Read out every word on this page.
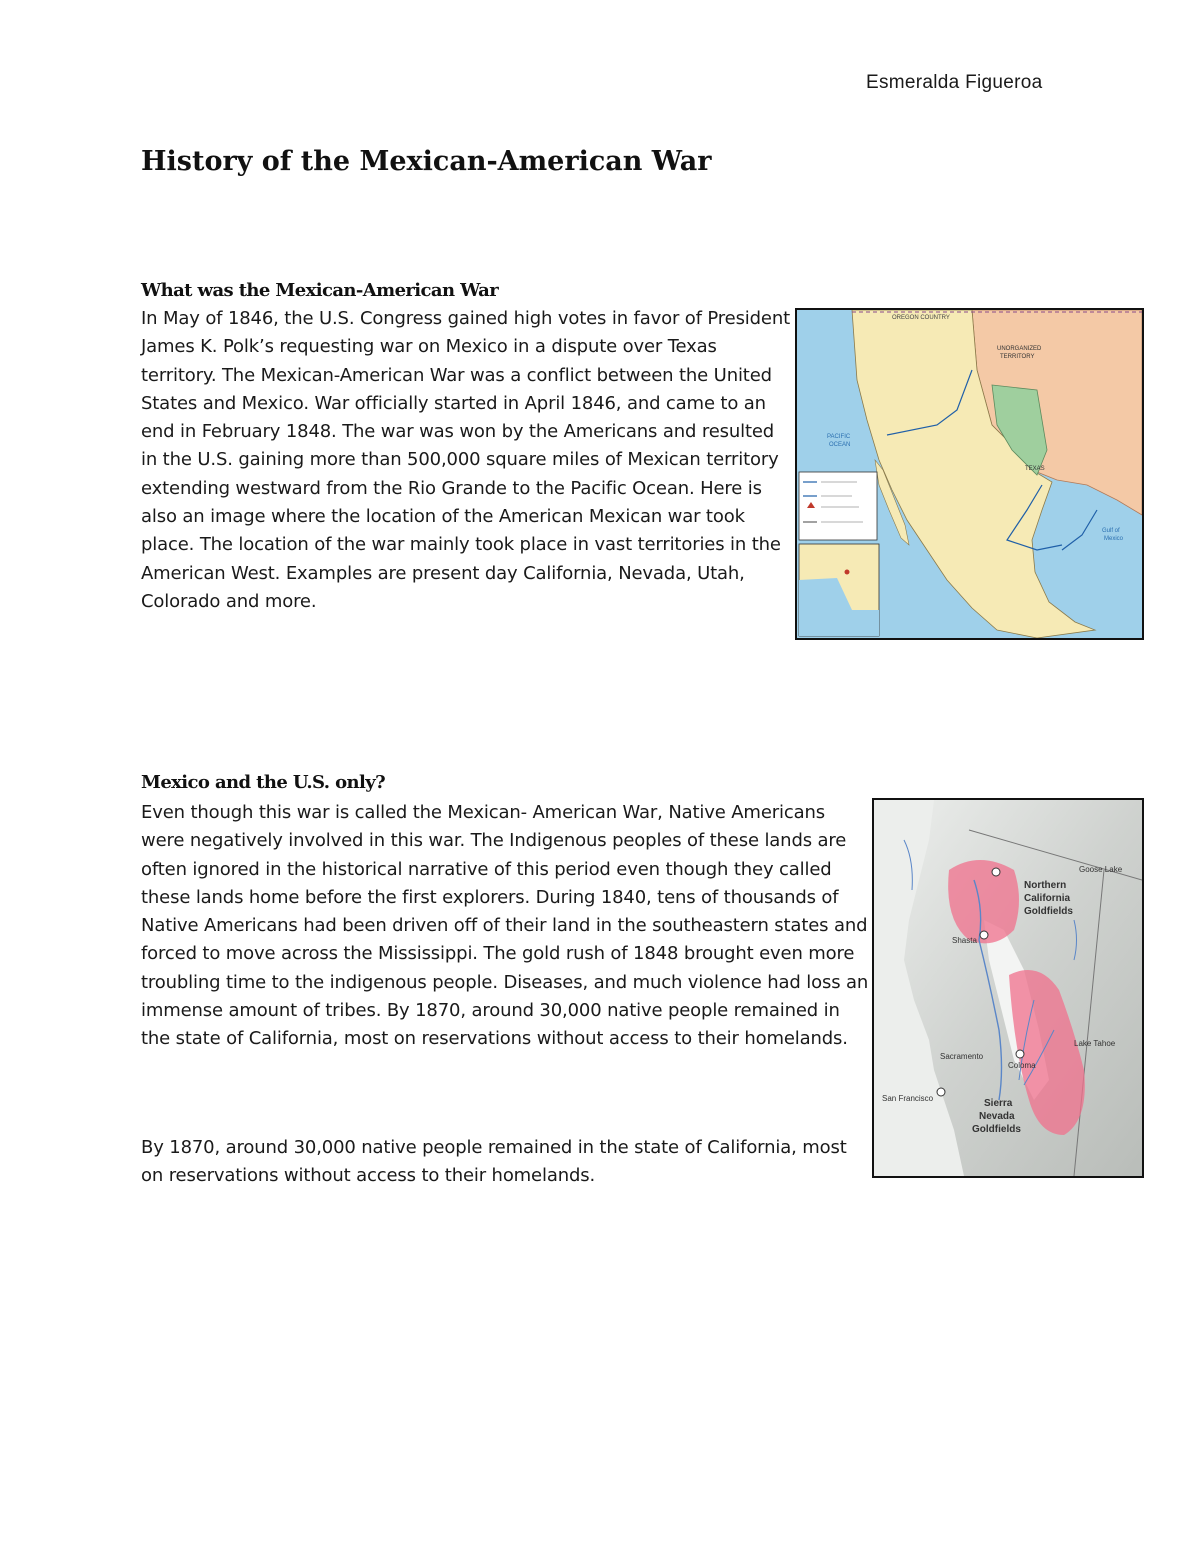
Esmeralda Figueroa
History of the Mexican-American War
What was the Mexican-American War

In May of 1846, the U.S. Congress gained high votes in favor of President James K. Polk’s requesting war on Mexico in a dispute over Texas territory. The Mexican-American War was a conflict between the United States and Mexico. War officially started in April 1846, and came to an end in February 1848. The war was won by the Americans and resulted in the U.S. gaining more than 500,000 square miles of Mexican territory extending westward from the Rio Grande to the Pacific Ocean. Here is also an image where the location of the American Mexican war took place. The location of the war mainly took place in vast territories in the American West. Examples are present day California, Nevada, Utah, Colorado and more.

OREGON COUNTRY
UNORGANIZED
TERRITORY
TEXAS
PACIFIC
OCEAN
Gulf of
Mexico
Mexico and the U.S. only?

Even though this war is called the Mexican- American War, Native Americans were negatively involved in this war. The Indigenous peoples of these lands are often ignored in the historical narrative of this period even though they called these lands home before the first explorers. During 1840, tens of thousands of Native Americans had been driven off of their land in the southeastern states and forced to move across the Mississippi. The gold rush of 1848 brought even more troubling time to the indigenous people. Diseases, and much violence had loss an immense amount of tribes. By 1870, around 30,000 native people remained in the state of California, most on reservations without access to their homelands.

By 1870, around 30,000 native people remained in the state of California, most on reservations without access to their homelands.

Goose Lake
Northern
California
Goldfields
Shasta
Sacramento
Coloma
Lake Tahoe
San Francisco	Sierra
Nevada
Goldfields
